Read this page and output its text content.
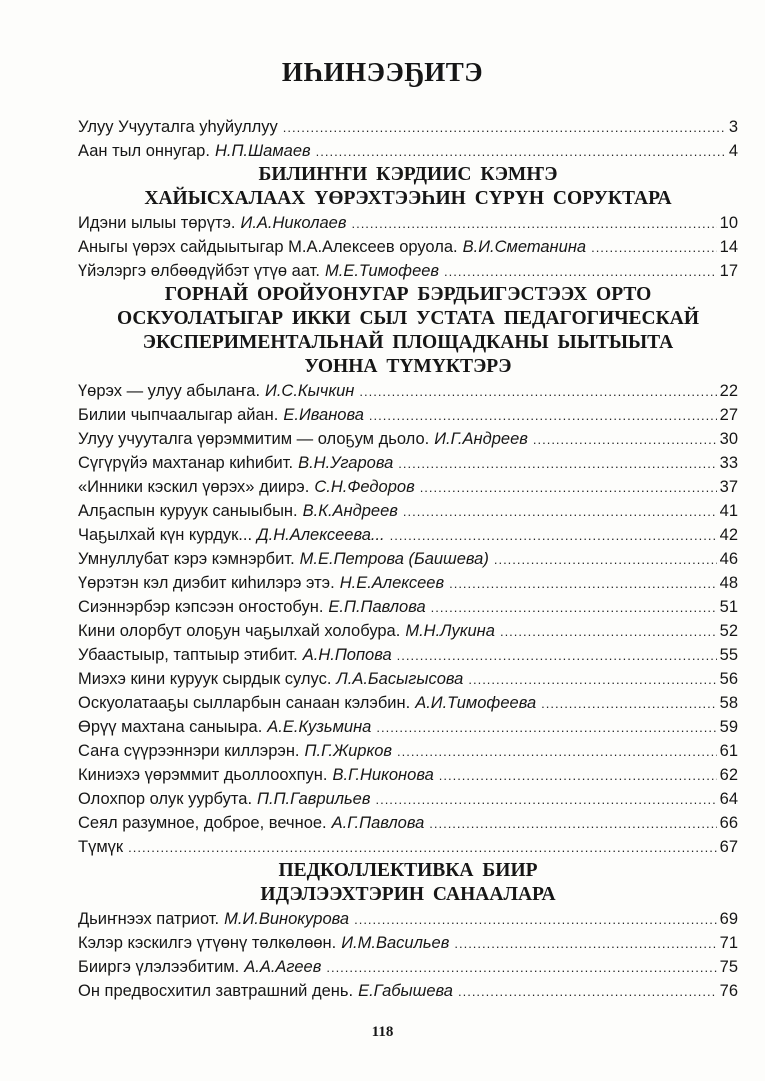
ИҺИНЭЭҔИТЭ
Улуу Учууталга уһуйуллуу .....	3
Аан тыл оннугар. Н.П.Шамаев .....	4
БИЛИҤҤИ КЭРДИИС КЭМҤЭ
ХАЙЫСХАЛААХ ҮӨРЭХТЭЭҺИН СҮРҮН СОРУКТАРА
Идэни ылыы төрүтэ. И.А.Николаев .....	10
Аныгы үөрэх сайдыытыгар М.А.Алексеев оруола. В.И.Сметанина .....	14
Үйэлэргэ өлбөөдүйбэт үтүө аат. М.Е.Тимофеев .....	17
ГОРНАЙ ОРОЙУОНУГАР БЭРДЬИГЭСТЭЭХ ОРТО
ОСКУОЛАТЫГАР ИККИ СЫЛ УСТАТА ПЕДАГОГИЧЕСКАЙ
ЭКСПЕРИМЕНТАЛЬНАЙ ПЛОЩАДКАНЫ ЫЫТЫЫТА
УОННА ТҮМҮКТЭРЭ
Үөрэх — улуу абылаҥа. И.С.Кычкин .....	22
Билии чыпчаалыгар айан. Е.Иванова .....	27
Улуу учууталга үөрэммитим — олоҕум дьоло. И.Г.Андреев .....	30
Сүгүрүйэ махтанар киһибит. В.Н.Угарова .....	33
«Инники кэскил үөрэх» диирэ. С.Н.Федоров .....	37
Алҕаспын куруук саныыбын. В.К.Андреев .....	41
Чаҕылхай күн курдук... Д.Н.Алексеева... .....	42
Умнуллубат кэрэ кэмнэрбит. М.Е.Петрова (Баишева) .....	46
Үөрэтэн кэл диэбит киһилэрэ этэ. Н.Е.Алексеев .....	48
Сиэннэрбэр кэпсээн оҥостобун. Е.П.Павлова .....	51
Кини олорбут олоҕун чаҕылхай холобура. М.Н.Лукина .....	52
Убаастыыр, таптыыр этибит. А.Н.Попова .....	55
Миэхэ кини куруук сырдык сулус. Л.А.Басыгысова .....	56
Оскуолатааҕы сылларбын санаан кэлэбин. А.И.Тимофеева .....	58
Өрүү махтана саныыра. А.Е.Кузьмина .....	59
Саҥа сүүрээннэри киллэрэн. П.Г.Жирков .....	61
Киниэхэ үөрэммит дьоллоохпун. В.Г.Никонова .....	62
Олохпор олук уурбута. П.П.Гаврильев .....	64
Сеял разумное, доброе, вечное. А.Г.Павлова .....	66
Түмүк .....	67
ПЕДКОЛЛЕКТИВКА БИИР
ИДЭЛЭЭХТЭРИН САНААЛАРА
Дьиҥнээх патриот. М.И.Винокурова .....	69
Кэлэр кэскилгэ үтүөнү төлкөлөөн. И.М.Васильев .....	71
Бииргэ үлэлээбитим. А.А.Агеев .....	75
Он предвосхитил завтрашний день. Е.Габышева .....	76
118
